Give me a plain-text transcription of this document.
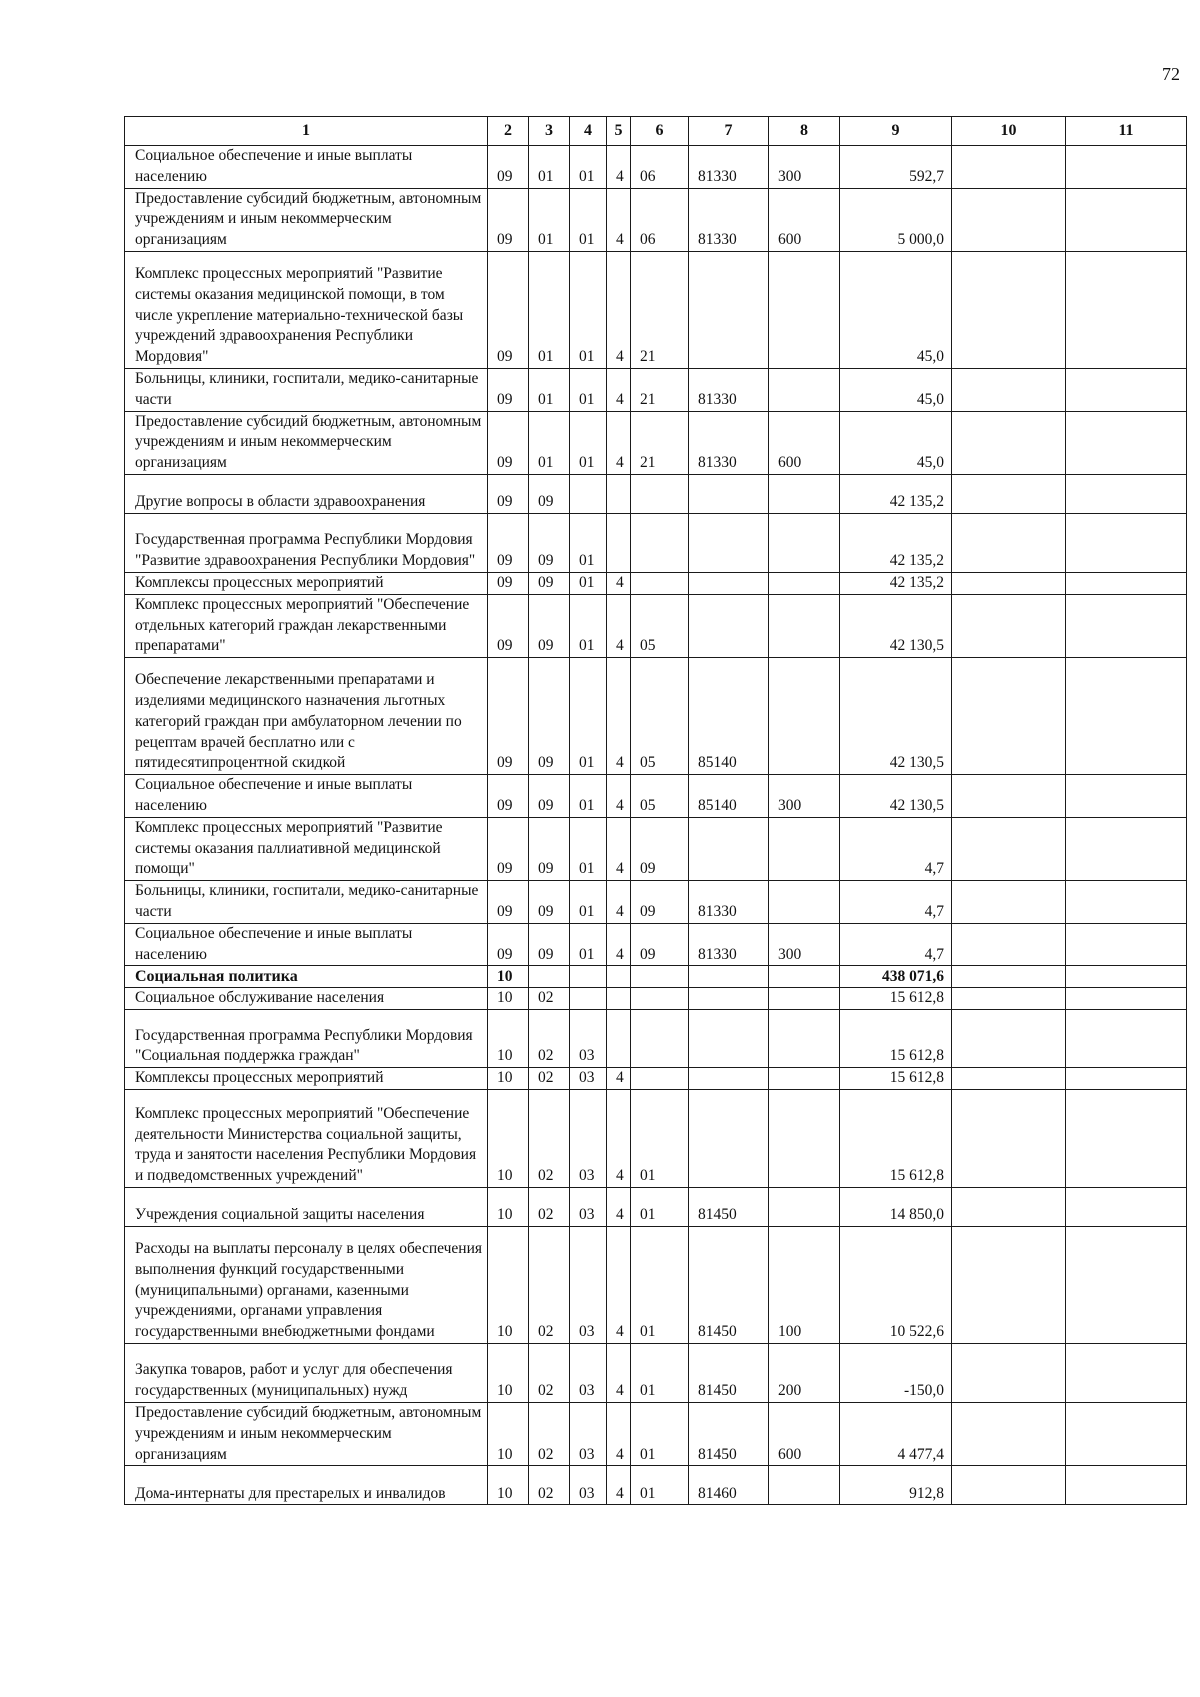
72
1	2	3	4	5	6	7	8	9	10	11
Социальное обеспечение и иные выплаты населению	09	01	01	4	06	81330	300	592,7		
Предоставление субсидий бюджетным, автономным учреждениям и иным некоммерческим организациям	09	01	01	4	06	81330	600	5 000,0		
Комплекс процессных мероприятий "Развитие системы оказания медицинской помощи, в том числе укрепление материально-технической базы учреждений здравоохранения Республики Мордовия"	09	01	01	4	21			45,0		
Больницы, клиники, госпитали, медико-санитарные части	09	01	01	4	21	81330		45,0		
Предоставление субсидий бюджетным, автономным учреждениям и иным некоммерческим организациям	09	01	01	4	21	81330	600	45,0		
Другие вопросы в области здравоохранения	09	09						42 135,2		
Государственная программа Республики Мордовия "Развитие здравоохранения Республики Мордовия"	09	09	01					42 135,2		
Комплексы процессных мероприятий	09	09	01	4				42 135,2		
Комплекс процессных мероприятий "Обеспечение отдельных категорий граждан лекарственными препаратами"	09	09	01	4	05			42 130,5		
Обеспечение лекарственными препаратами и изделиями медицинского назначения льготных категорий граждан при амбулаторном лечении по рецептам врачей бесплатно или с пятидесятипроцентной скидкой	09	09	01	4	05	85140		42 130,5		
Социальное обеспечение и иные выплаты населению	09	09	01	4	05	85140	300	42 130,5		
Комплекс процессных мероприятий "Развитие системы оказания паллиативной медицинской помощи"	09	09	01	4	09			4,7		
Больницы, клиники, госпитали, медико-санитарные части	09	09	01	4	09	81330		4,7		
Социальное обеспечение и иные выплаты населению	09	09	01	4	09	81330	300	4,7		
Социальная политика	10							438 071,6		
Социальное обслуживание населения	10	02						15 612,8		
Государственная программа Республики Мордовия "Социальная поддержка граждан"	10	02	03					15 612,8		
Комплексы процессных мероприятий	10	02	03	4				15 612,8		
Комплекс процессных мероприятий "Обеспечение деятельности Министерства социальной защиты, труда и занятости населения Республики Мордовия и подведомственных учреждений"	10	02	03	4	01			15 612,8		
Учреждения социальной защиты населения	10	02	03	4	01	81450		14 850,0		
Расходы на выплаты персоналу в целях обеспечения выполнения функций государственными (муниципальными) органами, казенными учреждениями, органами управления государственными внебюджетными фондами	10	02	03	4	01	81450	100	10 522,6		
Закупка товаров, работ и услуг для обеспечения государственных (муниципальных) нужд	10	02	03	4	01	81450	200	-150,0		
Предоставление субсидий бюджетным, автономным учреждениям и иным некоммерческим организациям	10	02	03	4	01	81450	600	4 477,4		
Дома-интернаты для престарелых и инвалидов	10	02	03	4	01	81460		912,8		
